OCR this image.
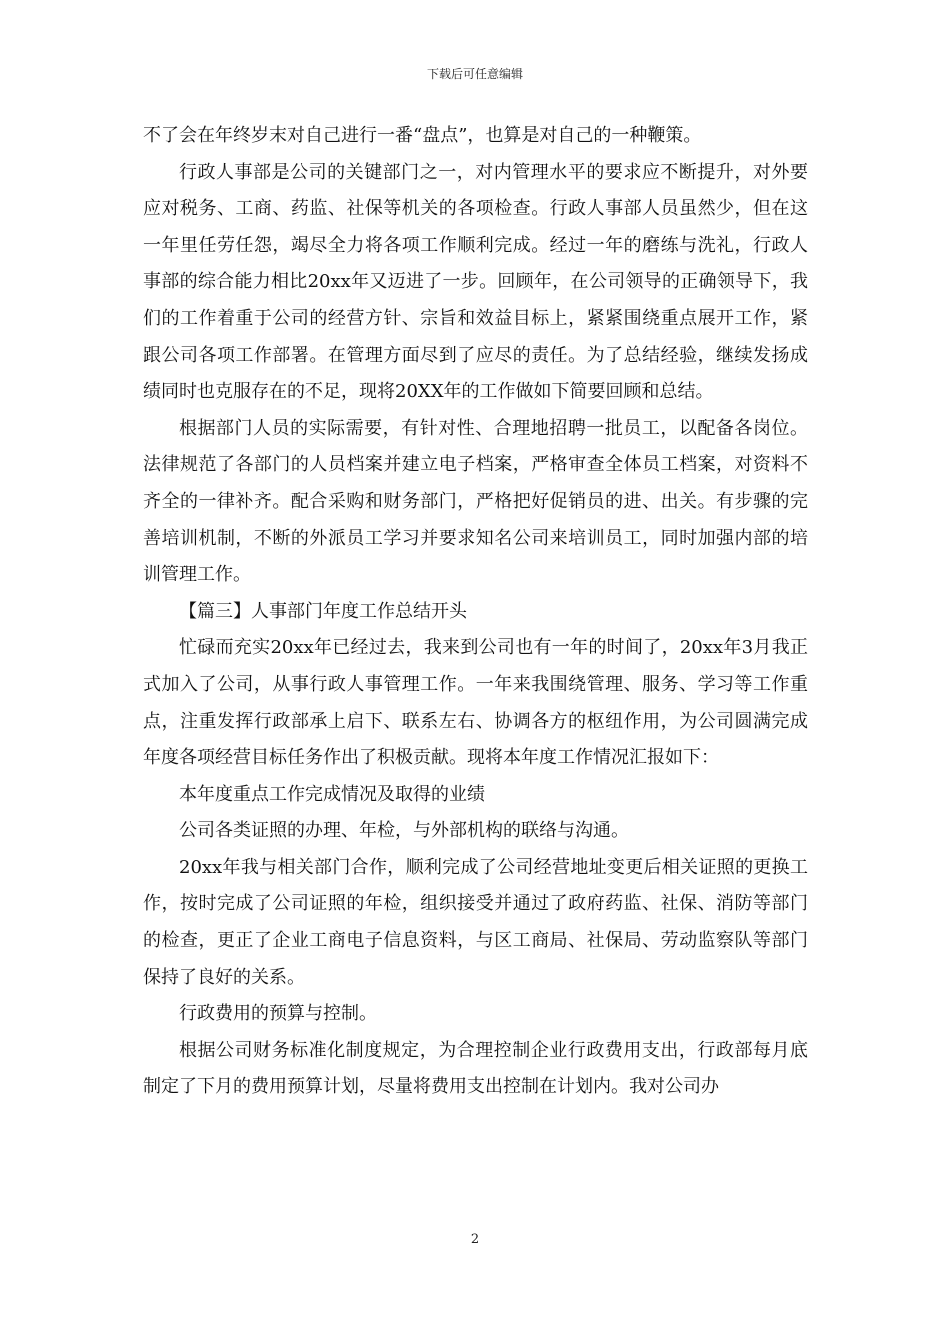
下载后可任意编辑

不了会在年终岁末对自己进行一番“盘点”，也算是对自己的一种鞭策。

行政人事部是公司的关键部门之一，对内管理水平的要求应不断提升，对外要应对税务、工商、药监、社保等机关的各项检查。行政人事部人员虽然少，但在这一年里任劳任怨，竭尽全力将各项工作顺利完成。经过一年的磨练与洗礼，行政人事部的综合能力相比20xx年又迈进了一步。回顾年，在公司领导的正确领导下，我们的工作着重于公司的经营方针、宗旨和效益目标上，紧紧围绕重点展开工作，紧跟公司各项工作部署。在管理方面尽到了应尽的责任。为了总结经验，继续发扬成绩同时也克服存在的不足，现将20XX年的工作做如下简要回顾和总结。

根据部门人员的实际需要，有针对性、合理地招聘一批员工，以配备各岗位。法律规范了各部门的人员档案并建立电子档案，严格审查全体员工档案，对资料不齐全的一律补齐。配合采购和财务部门，严格把好促销员的进、出关。有步骤的完善培训机制，不断的外派员工学习并要求知名公司来培训员工，同时加强内部的培训管理工作。

【篇三】人事部门年度工作总结开头

忙碌而充实20xx年已经过去，我来到公司也有一年的时间了，20xx年3月我正式加入了公司，从事行政人事管理工作。一年来我围绕管理、服务、学习等工作重点，注重发挥行政部承上启下、联系左右、协调各方的枢纽作用，为公司圆满完成年度各项经营目标任务作出了积极贡献。现将本年度工作情况汇报如下：

本年度重点工作完成情况及取得的业绩

公司各类证照的办理、年检，与外部机构的联络与沟通。

20xx年我与相关部门合作，顺利完成了公司经营地址变更后相关证照的更换工作，按时完成了公司证照的年检，组织接受并通过了政府药监、社保、消防等部门的检查，更正了企业工商电子信息资料，与区工商局、社保局、劳动监察队等部门保持了良好的关系。

行政费用的预算与控制。

根据公司财务标准化制度规定，为合理控制企业行政费用支出，行政部每月底制定了下月的费用预算计划，尽量将费用支出控制在计划内。我对公司办

2
